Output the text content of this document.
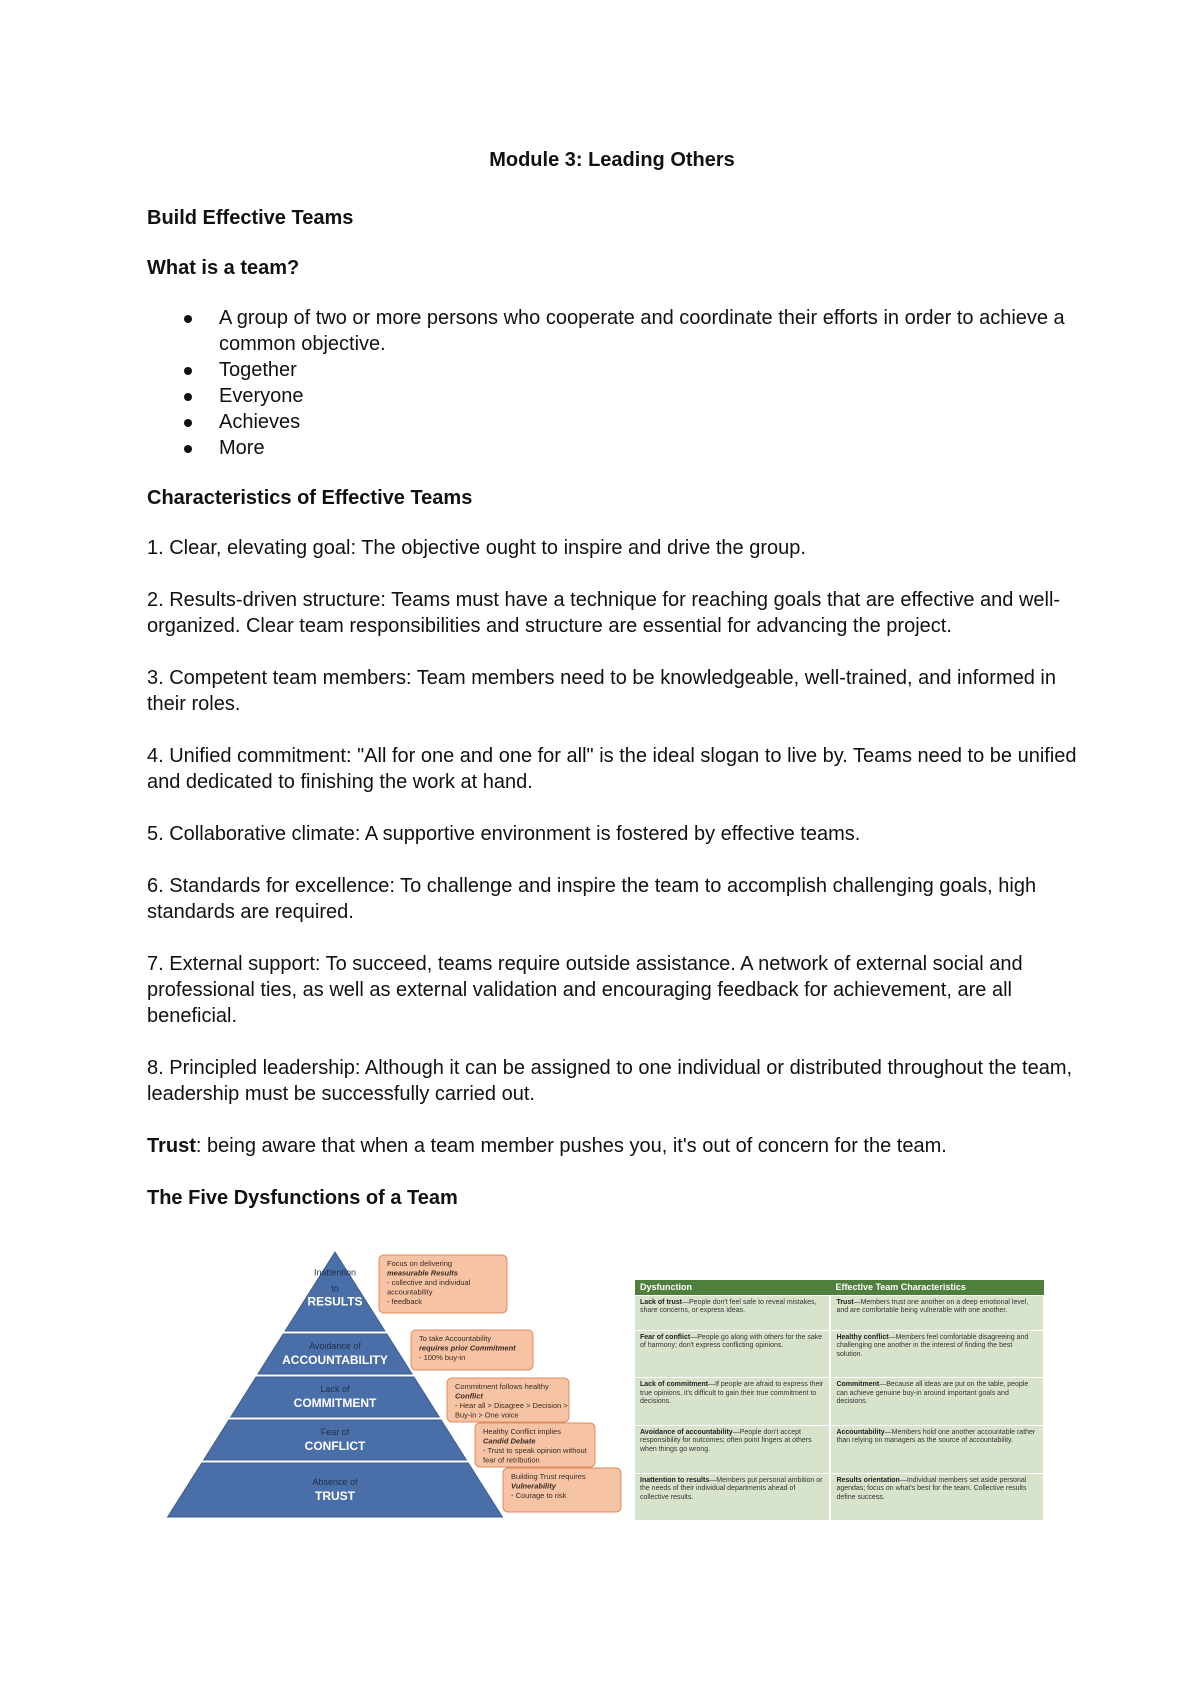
Module 3: Leading Others
Build Effective Teams
What is a team?
A group of two or more persons who cooperate and coordinate their efforts in order to achieve a common objective.
Together
Everyone
Achieves
More
Characteristics of Effective Teams

1. Clear, elevating goal: The objective ought to inspire and drive the group.

2. Results-driven structure: Teams must have a technique for reaching goals that are effective and well-organized. Clear team responsibilities and structure are essential for advancing the project.

3. Competent team members: Team members need to be knowledgeable, well-trained, and informed in their roles.

4. Unified commitment: "All for one and one for all" is the ideal slogan to live by. Teams need to be unified and dedicated to finishing the work at hand.

5. Collaborative climate: A supportive environment is fostered by effective teams.

6. Standards for excellence: To challenge and inspire the team to accomplish challenging goals, high standards are required.

7. External support: To succeed, teams require outside assistance. A network of external social and professional ties, as well as external validation and encouraging feedback for achievement, are all beneficial.

8. Principled leadership: Although it can be assigned to one individual or distributed throughout the team, leadership must be successfully carried out.

Trust: being aware that when a team member pushes you, it's out of concern for the team.

The Five Dysfunctions of a Team
Inattention
to
RESULTS
Avoidance of
ACCOUNTABILITY
Lack of
COMMITMENT
Fear of
CONFLICT
Absence of
TRUST
Focus on delivering
measurable Results
- collective and individual
accountability
- feedback
To take Accountability
requires prior Commitment
- 100% buy-in
Commitment follows healthy
Conflict
- Hear all > Disagree > Decision >
Buy-in > One voice
Healthy Conflict implies
Candid Debate
- Trust to speak opinion without
fear of retribution
Building Trust requires
Vulnerability
- Courage to risk
Dysfunction	Effective Team Characteristics
Lack of trust—People don't feel safe to reveal mistakes, share concerns, or express ideas.	Trust—Members trust one another on a deep emotional level, and are comfortable being vulnerable with one another.
Fear of conflict—People go along with others for the sake of harmony; don't express conflicting opinions.	Healthy conflict—Members feel comfortable disagreeing and challenging one another in the interest of finding the best solution.
Lack of commitment—If people are afraid to express their true opinions, it's difficult to gain their true commitment to decisions.	Commitment—Because all ideas are put on the table, people can achieve genuine buy-in around important goals and decisions.
Avoidance of accountability—People don't accept responsibility for outcomes; often point fingers at others when things go wrong.	Accountability—Members hold one another accountable rather than relying on managers as the source of accountability.
Inattention to results—Members put personal ambition or the needs of their individual departments ahead of collective results.	Results orientation—Individual members set aside personal agendas; focus on what's best for the team. Collective results define success.
